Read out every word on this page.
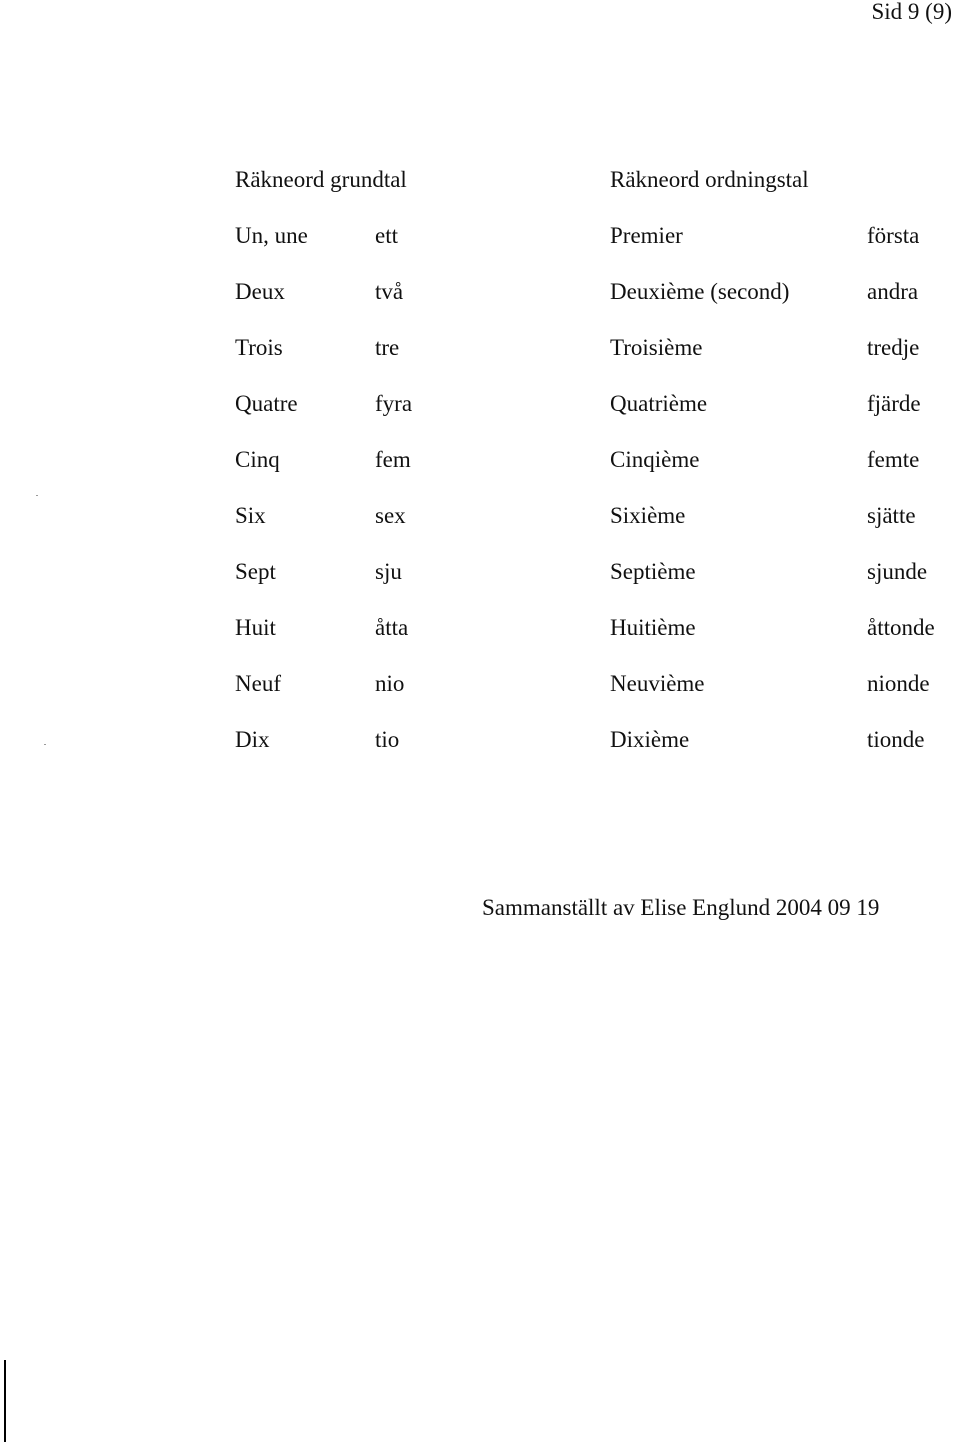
Sid 9 (9)
Räkneord grundtal	Räkneord ordningstal
Un, une	ett	Premier	första
Deux	två	Deuxième (second)	andra
Trois	tre	Troisième	tredje
Quatre	fyra	Quatrième	fjärde
Cinq	fem	Cinqième	femte
Six	sex	Sixième	sjätte
Sept	sju	Septième	sjunde
Huit	åtta	Huitième	åttonde
Neuf	nio	Neuvième	nionde
Dix	tio	Dixième	tionde
Sammanställt av Elise Englund 2004 09 19
